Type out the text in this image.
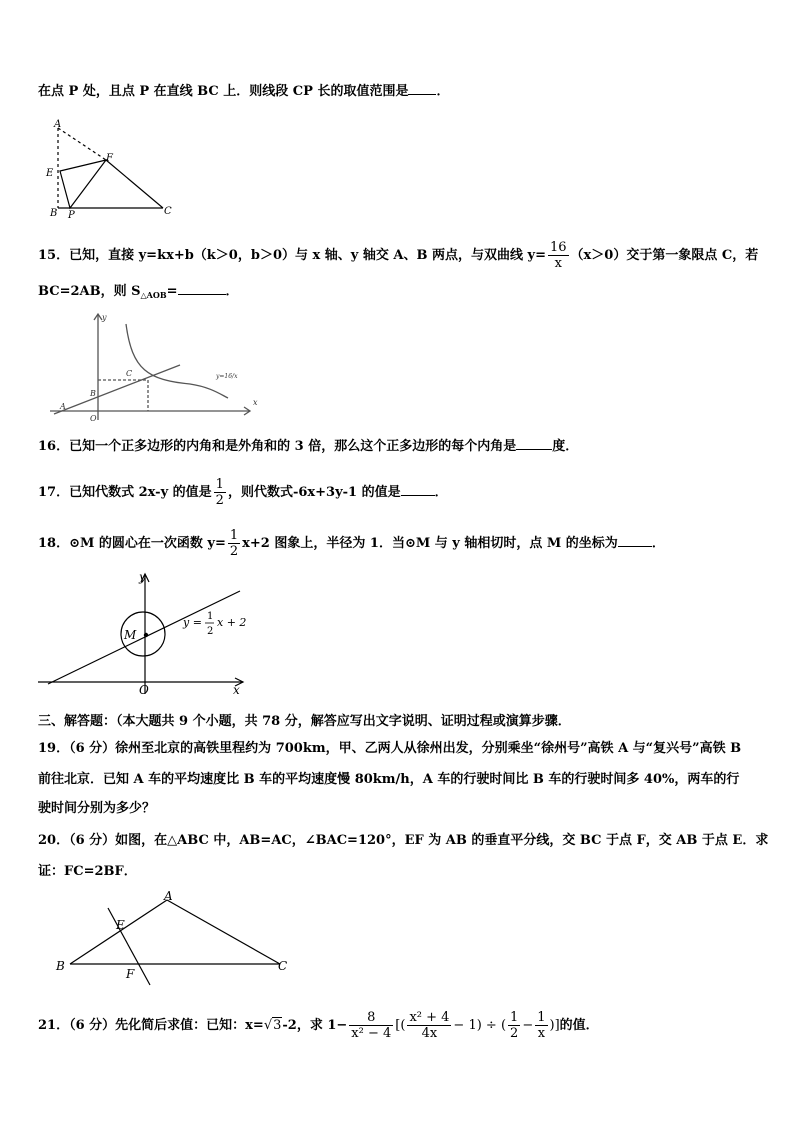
在点 P 处，且点 P 在直线 BC 上．则线段 CP 长的取值范围是 ．
A
E
F
B P	C
15．已知，直接 y=kx+b（k＞0，b＞0）与 x 轴、y 轴交 A、B 两点，与双曲线 $y= \frac{16}{x} (x>0)$交于第一象限点 C，若
BC=2AB，则 $S_{\triangle AOB}=$	．
y
x
A
B
C
O
y=16/x
16．已知一个正多边形的内角和是外角和的 3 倍，那么这个正多边形的每个内角是	度．
17．已知代数式 2x-y 的值是 $\frac{1}{2}$ ，则代数式-6x+3y-1 的值是	．
18．⊙M 的圆心在一次函数 $y= \frac{1}{2} x+2$ 图象上，半径为 1．当⊙M 与 y 轴相切时，点 M 的坐标为	．
y
x
O
M
y = 1
2
x + 2
三、解答题：（本大题共 9 个小题，共 78 分，解答应写出文字说明、证明过程或演算步骤．
19．（6 分）徐州至北京的高铁里程约为 700km，甲、乙两人从徐州出发，分别乘坐“徐州号”高铁 A 与“复兴号”高铁 B
前往北京．已知 A 车的平均速度比 B 车的平均速度慢 80km/h，A 车的行驶时间比 B 车的行驶时间多 40%，两车的行
驶时间分别为多少？
20．（6 分）如图，在△ABC 中，AB=AC，∠BAC=120°，EF 为 AB 的垂直平分线，交 BC 于点 F，交 AB 于点 E．求
证：FC=2BF．
A
B	C
E
F
21．（6 分）先化简后求值：已知：x=√3-2，求 $1- \frac{8}{\text{x² − 4}}$ [( $\frac{\text{x² + 4}}{4x} - 1$) ÷ ( $\frac{1}{2} - \frac{1}{x}$ )]的值．
